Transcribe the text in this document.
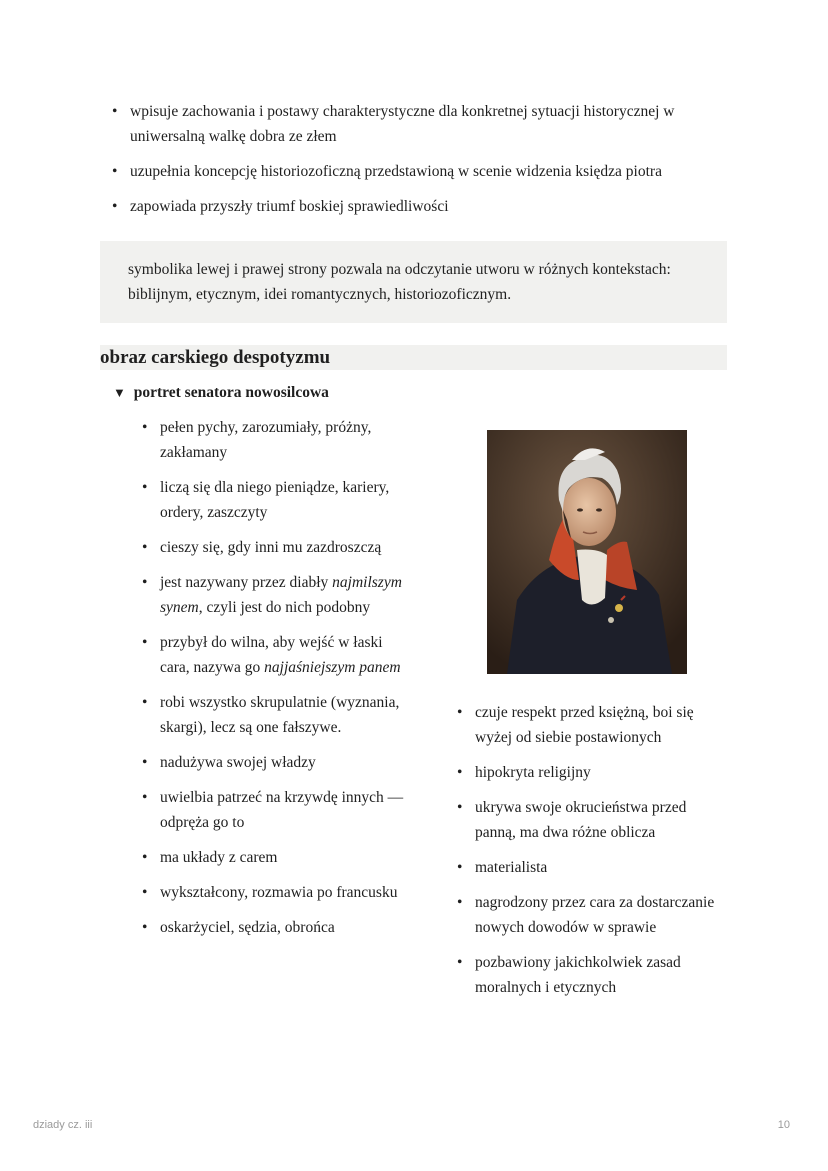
• wpisuje zachowania i postawy charakterystyczne dla konkretnej sytuacji historycznej w uniwersalną walkę dobra ze złem
• uzupełnia koncepcję historiozoficzną przedstawioną w scenie widzenia księdza piotra
• zapowiada przyszły triumf boskiej sprawiedliwości
symbolika lewej i prawej strony pozwala na odczytanie utworu w różnych kontekstach: biblijnym, etycznym, idei romantycznych, historiozoficznym.
obraz carskiego despotyzmu
▼ portret senatora nowosilcowa
• pełen pychy, zarozumiały, próżny, zakłamany
• liczą się dla niego pieniądze, kariery, ordery, zaszczyty
• cieszy się, gdy inni mu zazdroszczą
• jest nazywany przez diabły najmilszym synem, czyli jest do nich podobny
• przybył do wilna, aby wejść w łaski cara, nazywa go najjaśniejszym panem
• robi wszystko skrupulatnie (wyznania, skargi), lecz są one fałszywe.
• nadużywa swojej władzy
• uwielbia patrzeć na krzywdę innych — odpręża go to
• ma układy z carem
• wykształcony, rozmawia po francusku
• oskarżyciel, sędzia, obrońca
• czuje respekt przed księżną, boi się wyżej od siebie postawionych
• hipokryta religijny
• ukrywa swoje okrucieństwa przed panną, ma dwa różne oblicza
• materialista
• nagrodzony przez cara za dostarczanie nowych dowodów w sprawie
• pozbawiony jakichkolwiek zasad moralnych i etycznych
dziady cz. iii	10
